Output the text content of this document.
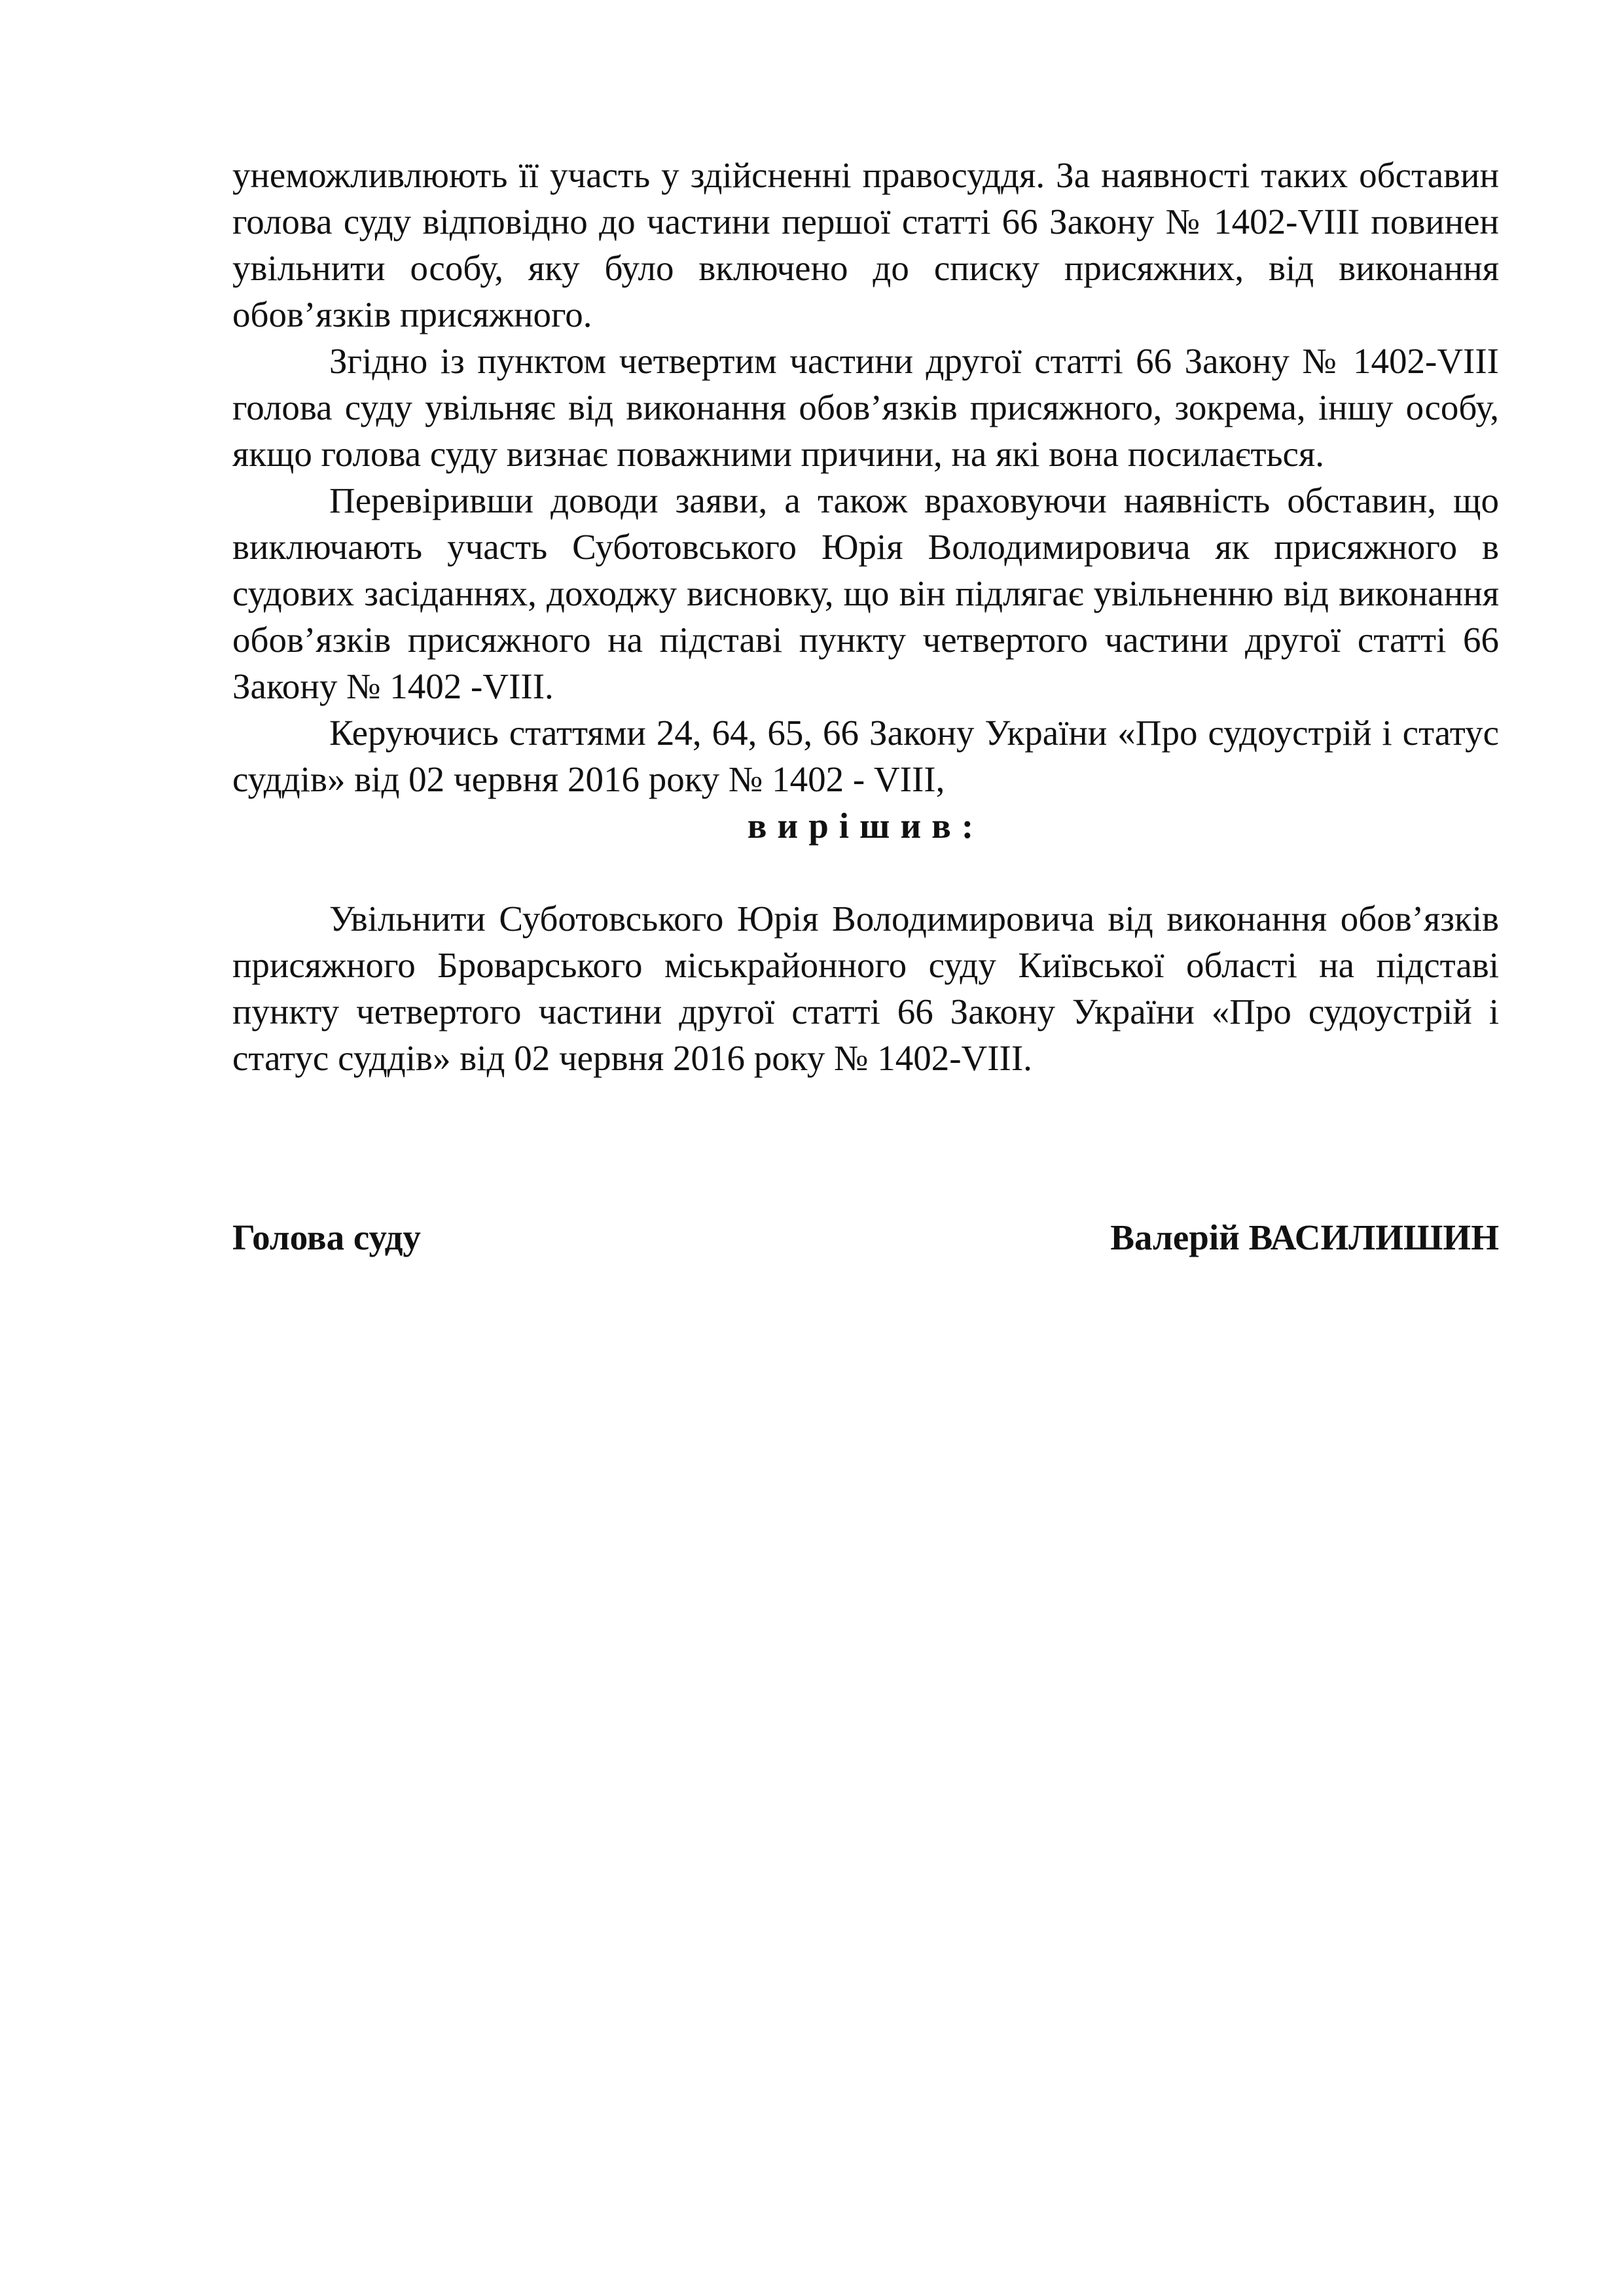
унеможливлюють її участь у здійсненні правосуддя. За наявності таких обставин голова суду відповідно до частини першої статті 66 Закону № 1402-VIII повинен увільнити особу, яку було включено до списку присяжних, від виконання обов’язків присяжного.

Згідно із пунктом четвертим частини другої статті 66 Закону № 1402-VIII голова суду увільняє від виконання обов’язків присяжного, зокрема, іншу особу, якщо голова суду визнає поважними причини, на які вона посилається.

Перевіривши доводи заяви, а також враховуючи наявність обставин, що виключають участь Суботовського Юрія Володимировича як присяжного в судових засіданнях, доходжу висновку, що він підлягає увільненню від виконання обов’язків присяжного на підставі пункту четвертого частини другої статті 66 Закону № 1402 -VIII.

Керуючись статтями 24, 64, 65, 66 Закону України «Про судоустрій і статус суддів» від 02 червня 2016 року № 1402 - VIII,

вирішив:

Увільнити Суботовського Юрія Володимировича від виконання обов’язків присяжного Броварського міськрайонного суду Київської області на підставі пункту четвертого частини другої статті 66 Закону України «Про судоустрій і статус суддів» від 02 червня 2016 року № 1402-VIII.

Голова суду	Валерій ВАСИЛИШИН
